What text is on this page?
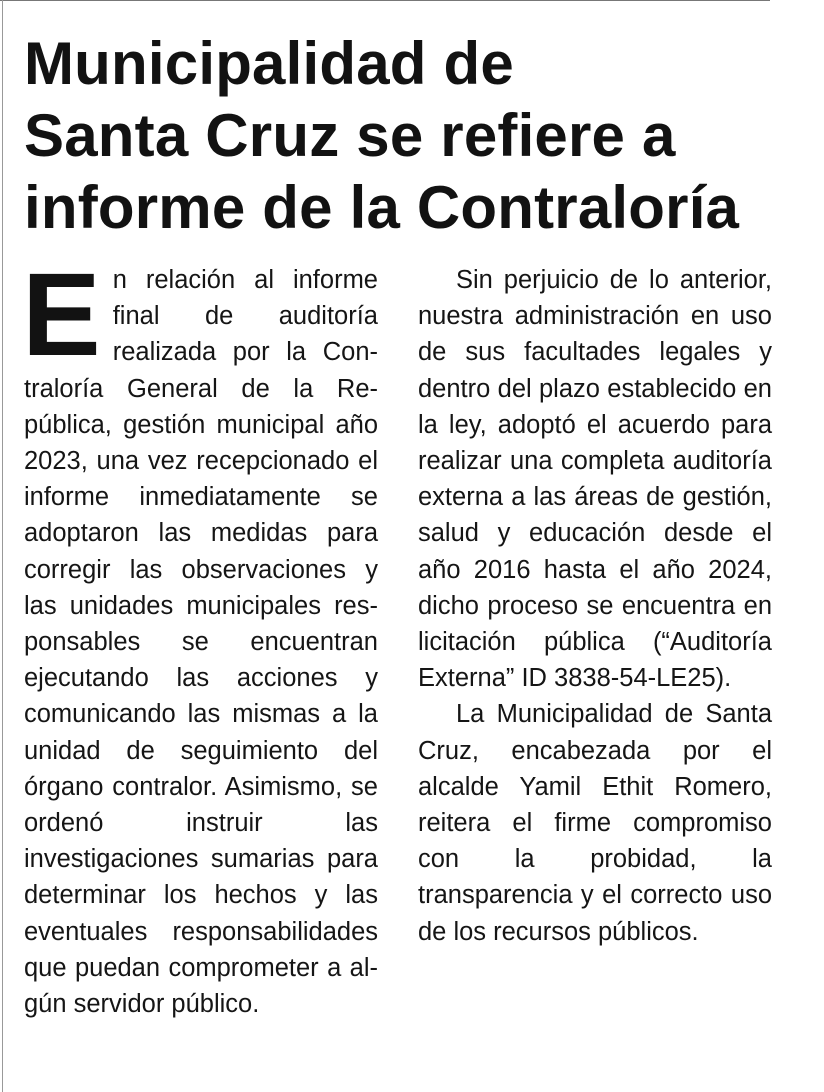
Municipalidad de
Santa Cruz se refiere a
informe de la Contraloría

E n relación al informe final de auditoría realizada por la Contraloría General de la República, gestión municipal año 2023, una vez recepcionado el informe inmediatamente se adoptaron las medidas para corregir las observaciones y las unidades municipales responsables se encuentran ejecutando las acciones y comunicando las mismas a la unidad de seguimiento del órgano contralor. Asimismo, se ordenó instruir las investigaciones sumarias para determinar los hechos y las eventuales responsabilidades que puedan comprometer a algún servidor público.

Sin perjuicio de lo anterior, nuestra administración en uso de sus facultades legales y dentro del plazo establecido en la ley, adoptó el acuerdo para realizar una completa auditoría externa a las áreas de gestión, salud y educación desde el año 2016 hasta el año 2024, dicho proceso se encuentra en licitación pública (“Auditoría Externa” ID 3838-54-LE25).

La Municipalidad de Santa Cruz, encabezada por el alcalde Yamil Ethit Romero, reitera el firme compromiso con la probidad, la transparencia y el correcto uso de los recursos públicos.
